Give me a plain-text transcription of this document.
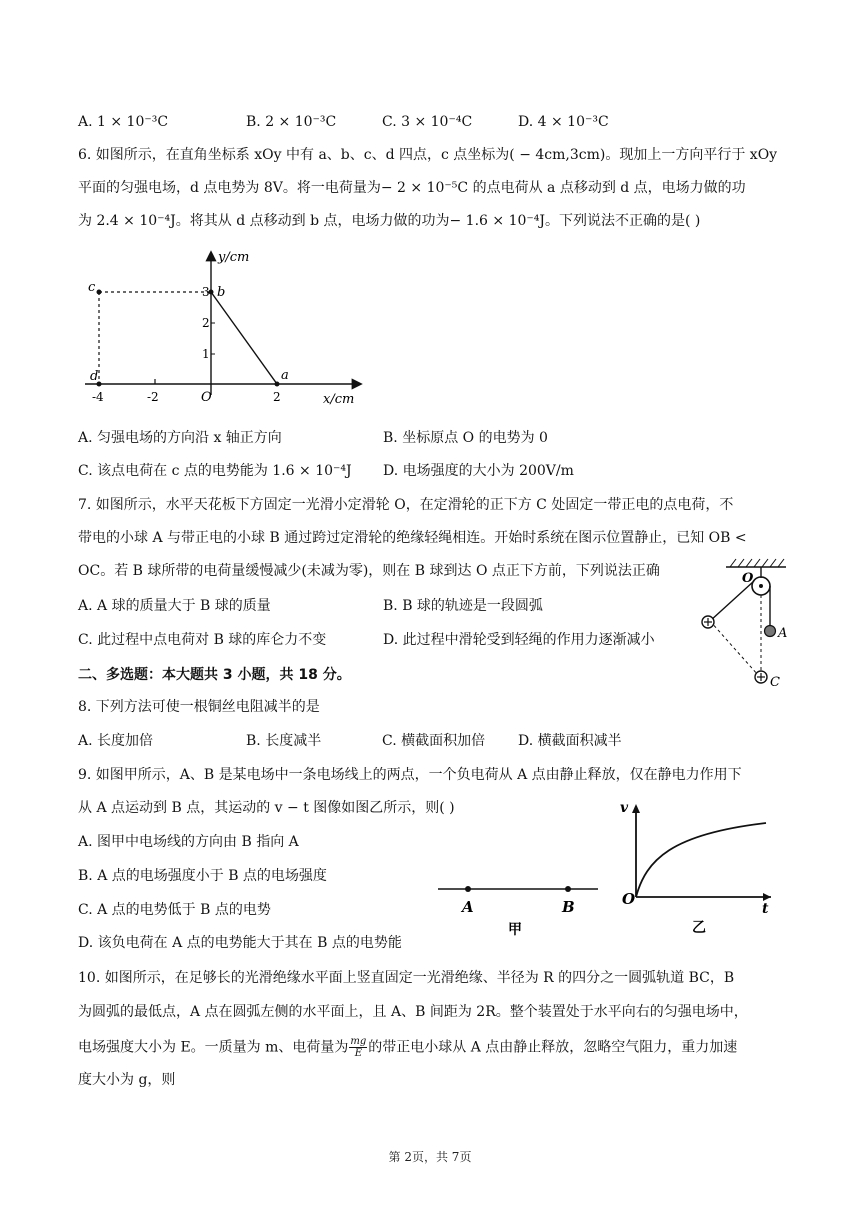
A. 1 × 10⁻³C	B. 2 × 10⁻³C	C. 3 × 10⁻⁴C	D. 4 × 10⁻³C
6. 如图所示，在直角坐标系 xOy 中有 a、b、c、d 四点，c 点坐标为( − 4cm,3cm)。现加上一方向平行于 xOy
平面的匀强电场，d 点电势为 8V。将一电荷量为− 2 × 10⁻⁵C 的点电荷从 a 点移动到 d 点，电场力做的功
为 2.4 × 10⁻⁴J。将其从 d 点移动到 b 点，电场力做的功为− 1.6 × 10⁻⁴J。下列说法不正确的是( )
y/cm
x/cm
O
-4	-2	2
1
2
3
c	b
d	a
A. 匀强电场的方向沿 x 轴正方向	B. 坐标原点 O 的电势为 0
C. 该点电荷在 c 点的电势能为 1.6 × 10⁻⁴J D. 电场强度的大小为 200V/m
7. 如图所示，水平天花板下方固定一光滑小定滑轮 O，在定滑轮的正下方 C 处固定一带正电的点电荷，不
带电的小球 A 与带正电的小球 B 通过跨过定滑轮的绝缘轻绳相连。开始时系统在图示位置静止，已知 OB <
OC。若 B 球所带的电荷量缓慢减少(未减为零)，则在 B 球到达 O 点正下方前，下列说法正确
A. A 球的质量大于 B 球的质量	B. B 球的轨迹是一段圆弧
C. 此过程中点电荷对 B 球的库仑力不变	D. 此过程中滑轮受到轻绳的作用力逐渐减小
O
A
C
二、多选题：本大题共 3 小题，共 18 分。
8. 下列方法可使一根铜丝电阻减半的是
A. 长度加倍	B. 长度减半	C. 横截面积加倍 D. 横截面积减半
9. 如图甲所示，A、B 是某电场中一条电场线上的两点，一个负电荷从 A 点由静止释放，仅在静电力作用下
从 A 点运动到 B 点，其运动的 v − t 图像如图乙所示，则( )
A. 图甲中电场线的方向由 B 指向 A
B. A 点的电场强度小于 B 点的电场强度
C. A 点的电势低于 B 点的电势
D. 该负电荷在 A 点的电势能大于其在 B 点的电势能
A	B
甲
v
t
O
乙
10. 如图所示，在足够长的光滑绝缘水平面上竖直固定一光滑绝缘、半径为 R 的四分之一圆弧轨道 BC，B
为圆弧的最低点，A 点在圆弧左侧的水平面上，且 A、B 间距为 2R。整个装置处于水平向右的匀强电场中，
电场强度大小为 E。一质量为 m、电荷量为 $\frac{mg}{E}$ 的带正电小球从 A 点由静止释放，忽略空气阻力，重力加速
度大小为 g，则
第 2页，共 7页
